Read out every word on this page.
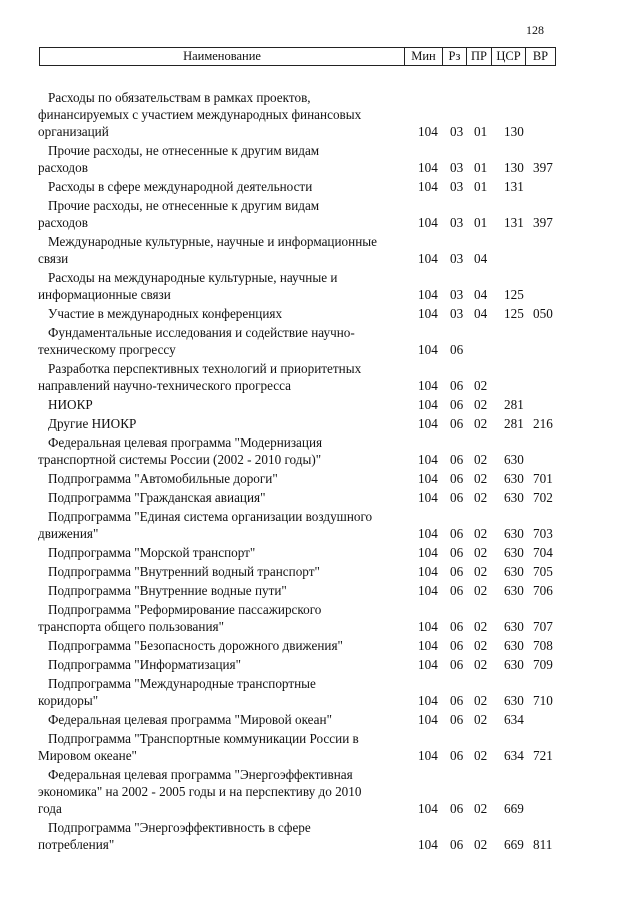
128
Наименование	Мин	Рз ПР ЦСР ВР
Расходы по обязательствам в рамках проектов,
финансируемых с участием международных финансовых
организаций	104 03 01 130
Прочие расходы, не отнесенные к другим видам
расходов	104 03 01 130 397
Расходы в сфере международной деятельности	104 03 01 131
Прочие расходы, не отнесенные к другим видам
расходов	104 03 01 131 397
Международные культурные, научные и информационные
связи	104 03 04
Расходы на международные культурные, научные и
информационные связи	104 03 04 125
Участие в международных конференциях	104 03 04 125 050
Фундаментальные исследования и содействие научно-
техническому прогрессу	104 06
Разработка перспективных технологий и приоритетных
направлений научно-технического прогресса	104 06 02
НИОКР	104 06 02 281
Другие НИОКР	104 06 02 281 216
Федеральная целевая программа "Модернизация
транспортной системы России (2002 - 2010 годы)"	104 06 02 630
Подпрограмма "Автомобильные дороги"	104 06 02 630 701
Подпрограмма "Гражданская авиация"	104 06 02 630 702
Подпрограмма "Единая система организации воздушного
движения"	104 06 02 630 703
Подпрограмма "Морской транспорт"	104 06 02 630 704
Подпрограмма "Внутренний водный транспорт"	104 06 02 630 705
Подпрограмма "Внутренние водные пути"	104 06 02 630 706
Подпрограмма "Реформирование пассажирского
транспорта общего пользования"	104 06 02 630 707
Подпрограмма "Безопасность дорожного движения"	104 06 02 630 708
Подпрограмма "Информатизация"	104 06 02 630 709
Подпрограмма "Международные транспортные
коридоры"	104 06 02 630 710
Федеральная целевая программа "Мировой океан"	104 06 02 634
Подпрограмма "Транспортные коммуникации России в
Мировом океане"	104 06 02 634 721
Федеральная целевая программа "Энергоэффективная
экономика" на 2002 - 2005 годы и на перспективу до 2010
года	104 06 02 669
Подпрограмма "Энергоэффективность в сфере
потребления"	104 06 02 669 811
